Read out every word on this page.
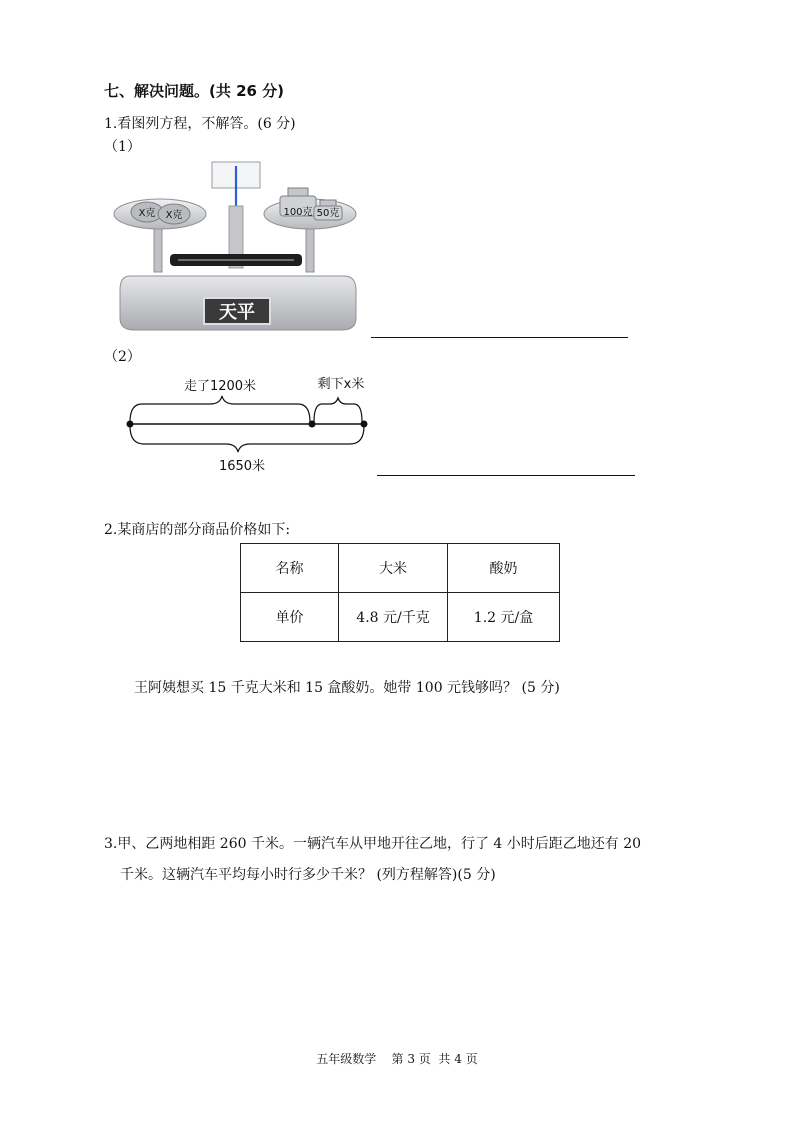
七、解决问题。(共 26 分)
1.看图列方程，不解答。(6 分)
（1）
X克 X克	100克 50克
天平
（2）
走了1200米	剩下x米
1650米
2.某商店的部分商品价格如下:
名称	大米	酸奶
单价	4.8 元/千克	1.2 元/盒
王阿姨想买 15 千克大米和 15 盒酸奶。她带 100 元钱够吗？ (5 分)
3.甲、乙两地相距 260 千米。一辆汽车从甲地开往乙地，行了 4 小时后距乙地还有 20
千米。这辆汽车平均每小时行多少千米？ (列方程解答)(5 分)
五年级数学    第 3 页  共 4 页
